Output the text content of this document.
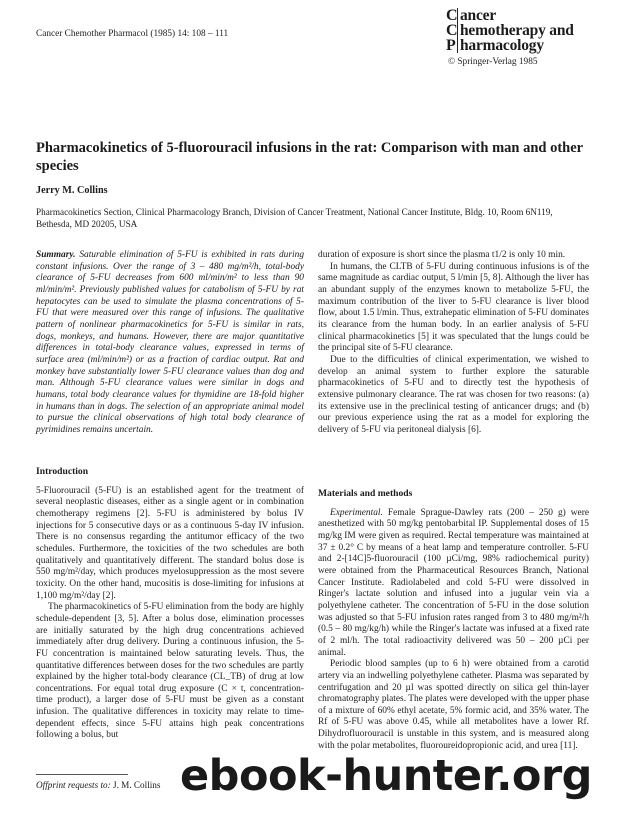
Cancer Chemother Pharmacol (1985) 14: 108 – 111
C ancer
C hemotherapy and
P harmacology
© Springer-Verlag 1985
Pharmacokinetics of 5-fluorouracil infusions in the rat: Comparison with man and other species
Jerry M. Collins
Pharmacokinetics Section, Clinical Pharmacology Branch, Division of Cancer Treatment, National Cancer Institute, Bldg. 10, Room 6N119, Bethesda, MD 20205, USA

Summary. Saturable elimination of 5-FU is exhibited in rats during constant infusions. Over the range of 3 – 480 mg/m²/h, total-body clearance of 5-FU decreases from 600 ml/min/m² to less than 90 ml/min/m². Previously published values for catabolism of 5-FU by rat hepatocytes can be used to simulate the plasma concentrations of 5-FU that were measured over this range of infusions. The qualitative pattern of nonlinear pharmacokinetics for 5-FU is similar in rats, dogs, monkeys, and humans. However, there are major quantitative differences in total-body clearance values, expressed in terms of surface area (ml/min/m²) or as a fraction of cardiac output. Rat and monkey have substantially lower 5-FU clearance values than dog and man. Although 5-FU clearance values were similar in dogs and humans, total body clearance values for thymidine are 18-fold higher in humans than in dogs. The selection of an appropriate animal model to pursue the clinical observations of high total body clearance of pyrimidines remains uncertain.

Introduction

5-Fluorouracil (5-FU) is an established agent for the treatment of several neoplastic diseases, either as a single agent or in combination chemotherapy regimens [2]. 5-FU is administered by bolus IV injections for 5 consecutive days or as a continuous 5-day IV infusion. There is no consensus regarding the antitumor efficacy of the two schedules. Furthermore, the toxicities of the two schedules are both qualitatively and quantitatively different. The standard bolus dose is 550 mg/m²/day, which produces myelosuppression as the most severe toxicity. On the other hand, mucositis is dose-limiting for infusions at 1,100 mg/m²/day [2].

The pharmacokinetics of 5-FU elimination from the body are highly schedule-dependent [3, 5]. After a bolus dose, elimination processes are initially saturated by the high drug concentrations achieved immediately after drug delivery. During a continuous infusion, the 5-FU concentration is maintained below saturating levels. Thus, the quantitative differences between doses for the two schedules are partly explained by the higher total-body clearance (CL_TB) of drug at low concentrations. For equal total drug exposure (C × t, concentration-time product), a larger dose of 5-FU must be given as a constant infusion. The qualitative differences in toxicity may relate to time-dependent effects, since 5-FU attains high peak concentrations following a bolus, but

duration of exposure is short since the plasma t1/2 is only 10 min.

In humans, the CLTB of 5-FU during continuous infusions is of the same magnitude as cardiac output, 5 l/min [5, 8]. Although the liver has an abundant supply of the enzymes known to metabolize 5-FU, the maximum contribution of the liver to 5-FU clearance is liver blood flow, about 1.5 l/min. Thus, extrahepatic elimination of 5-FU dominates its clearance from the human body. In an earlier analysis of 5-FU clinical pharmacokinetics [5] it was speculated that the lungs could be the principal site of 5-FU clearance.

Due to the difficulties of clinical experimentation, we wished to develop an animal system to further explore the saturable pharmacokinetics of 5-FU and to directly test the hypothesis of extensive pulmonary clearance. The rat was chosen for two reasons: (a) its extensive use in the preclinical testing of anticancer drugs; and (b) our previous experience using the rat as a model for exploring the delivery of 5-FU via peritoneal dialysis [6].

Materials and methods

Experimental. Female Sprague-Dawley rats (200 – 250 g) were anesthetized with 50 mg/kg pentobarbital IP. Supplemental doses of 15 mg/kg IM were given as required. Rectal temperature was maintained at 37 ± 0.2° C by means of a heat lamp and temperature controller. 5-FU and 2-[14C]5-fluorouracil (100 µCi/mg, 98% radiochemical purity) were obtained from the Pharmaceutical Resources Branch, National Cancer Institute. Radiolabeled and cold 5-FU were dissolved in Ringer's lactate solution and infused into a jugular vein via a polyethylene catheter. The concentration of 5-FU in the dose solution was adjusted so that 5-FU infusion rates ranged from 3 to 480 mg/m²/h (0.5 – 80 mg/kg/h) while the Ringer's lactate was infused at a fixed rate of 2 ml/h. The total radioactivity delivered was 50 – 200 µCi per animal.

Periodic blood samples (up to 6 h) were obtained from a carotid artery via an indwelling polyethylene catheter. Plasma was separated by centrifugation and 20 µl was spotted directly on silica gel thin-layer chromatography plates. The plates were developed with the upper phase of a mixture of 60% ethyl acetate, 5% formic acid, and 35% water. The Rf of 5-FU was above 0.45, while all metabolites have a lower Rf. Dihydrofluorouracil is unstable in this system, and is measured along with the polar metabolites, fluoroureidopropionic acid, and urea [11].

Offprint requests to: J. M. Collins ebook-hunter.org
